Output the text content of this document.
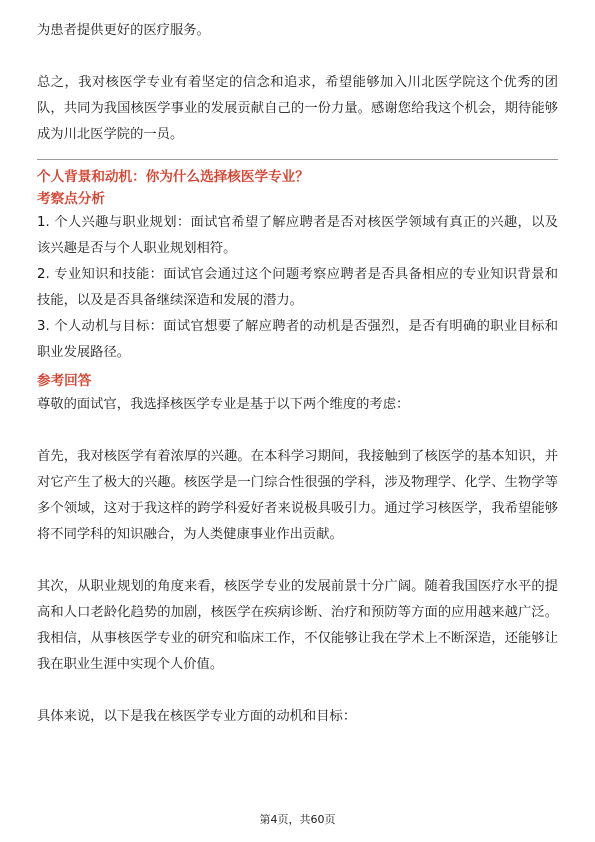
为患者提供更好的医疗服务。

总之，我对核医学专业有着坚定的信念和追求，希望能够加入川北医学院这个优秀的团队，共同为我国核医学事业的发展贡献自己的一份力量。感谢您给我这个机会，期待能够成为川北医学院的一员。

个人背景和动机：你为什么选择核医学专业？
考察点分析

1. 个人兴趣与职业规划：面试官希望了解应聘者是否对核医学领域有真正的兴趣，以及该兴趣是否与个人职业规划相符。

2. 专业知识和技能：面试官会通过这个问题考察应聘者是否具备相应的专业知识背景和技能，以及是否具备继续深造和发展的潜力。

3. 个人动机与目标：面试官想要了解应聘者的动机是否强烈，是否有明确的职业目标和职业发展路径。

参考回答

尊敬的面试官，我选择核医学专业是基于以下两个维度的考虑：

首先，我对核医学有着浓厚的兴趣。在本科学习期间，我接触到了核医学的基本知识，并对它产生了极大的兴趣。核医学是一门综合性很强的学科，涉及物理学、化学、生物学等多个领域，这对于我这样的跨学科爱好者来说极具吸引力。通过学习核医学，我希望能够将不同学科的知识融合，为人类健康事业作出贡献。

其次，从职业规划的角度来看，核医学专业的发展前景十分广阔。随着我国医疗水平的提高和人口老龄化趋势的加剧，核医学在疾病诊断、治疗和预防等方面的应用越来越广泛。我相信，从事核医学专业的研究和临床工作，不仅能够让我在学术上不断深造，还能够让我在职业生涯中实现个人价值。

具体来说，以下是我在核医学专业方面的动机和目标：

第4页，共60页
